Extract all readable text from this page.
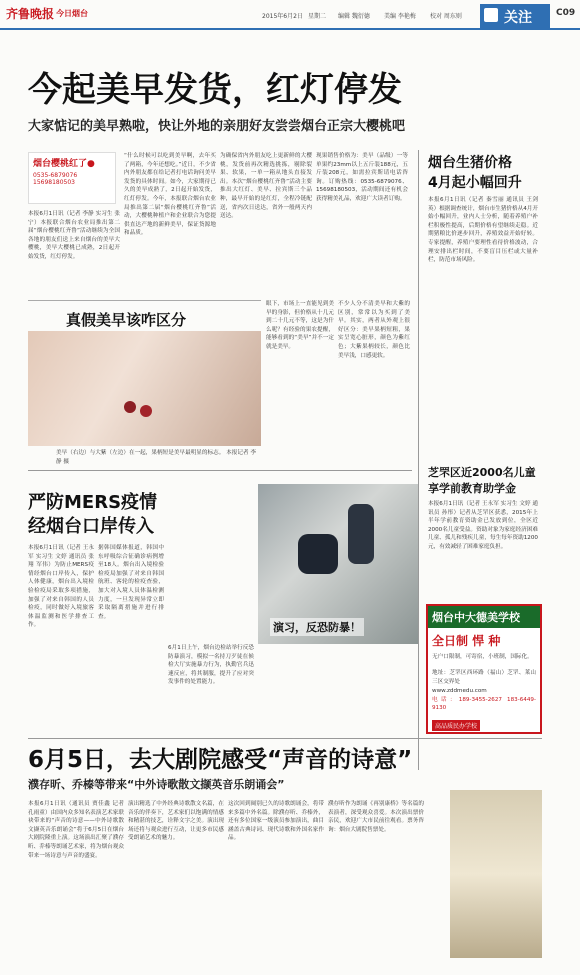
齐鲁晚报 今日烟台	2015年6月2日 星期二 编辑 魏衍德 美编 李艳梅 校对 周东则	关注	C09
今起美早发货，红灯停发
大家惦记的美早熟啦，快让外地的亲朋好友尝尝烟台正宗大樱桃吧
烟台樱桃红了●
0535-6879076
15698180503
本报6月1日讯（记者 李静 实习生 张宁）本报联合烟台农业局推出第二届“烟台樱桃红齐鲁”活动继续为全国各地的朋友们送上来自烟台的美早大樱桃，美早大樱桃已成熟，2日起开始发货，红灯停发。
“什么时候可以吃到美早啊，去年买了两箱，今年还想吃。”近日，不少省内外朋友都在给记者打电话询问美早发货的具体时间。如今，大家期待已久的美早成熟了，2日起开始发货，红灯停发。今年，本报联合烟台农业局推出第二届“烟台樱桃红齐鲁”活动，大樱桃种植户和企业联合为您提供直达产地的新鲜美早，保证货源地和品质。
为确保省内外朋友吃上更新鲜的大樱桃，发货前再次精选挑拣，剔除裂果、软果，一单一箱从地头直接发出。本次“烟台樱桃红齐鲁”活动主要推出大红灯、美早、拉宾斯三个品种，最早开始的是红灯，全程冷链配送，省内次日送达，省外一般两天内送达。
现果销售价格为：美早（品级）一等单果约23mm以上五斤装188元，五斤装208元，如需拉宾斯请电话咨询。订购热线：0535-6879076、15698180503，活动期间还有机会获得精美礼品，欢迎广大读者订购。
真假美早该咋区分
美早（右边）与大紫（左边）在一起，果柄短是美早最明显的标志。 本报记者 李静 摄
眼下，市场上一直能见到美早的身影，但价格从十几元到二十几元不等，这是为什么呢？有经验的果农提醒，能够看到的“美早”并不一定就是美早。
不少人分不清美早和大紫的区别，常常以为买到了美早。其实，两者从外观上很好区分：美早果柄短粗，果实呈宽心脏形，颜色为紫红色；大紫果柄较长，颜色比美早浅，口感更软。
烟台生猪价格
4月起小幅回升
本报6月1日讯（记者 秦雪丽 通讯员 王剑英）根据调查统计，烟台市生猪价格从4月开始小幅回升，业内人士分析，随着养殖户补栏积极性提高，后期价格有望继续走稳。近期猪粮比价逐步回升，养殖效益开始好转。专家提醒，养殖户要理性看待价格波动，合理安排出栏时间，不要盲目压栏或大量补栏，防范市场风险。
芝罘区近2000名儿童
享学前教育助学金
本报6月1日讯（记者 王永军 实习生 文婷 通讯员 孙彤）记者从芝罘区获悉，2015年上半年学前教育资助金已发放到位，全区近2000名儿童受益。资助对象为家庭经济困难儿童、孤儿和残疾儿童，每生每年资助1200元，有效减轻了困难家庭负担。
烟台中大德美学校
全日制 悍 种
无户口限制，可寄宿，小班制，国际化。
地址：芝罘区西环路（福山）芝罘、莱山三区交界处
www.zddmedu.com
电话：189-3455-2627 183-6449-9130
高品质民办学校
严防MERS疫情
经烟台口岸传入
演习，反恐防暴！
本报6月1日讯（记者 王永军 实习生 文婷 通讯员 张翔 军伟）为防止MERS疫情经烟台口岸传入，保护人体健康，烟台出入境检验检疫局采取多项措施，加强了对来自韩国的人员检疫，同时做好入境旅客体温监测和医学排查工作。
据韩国媒体报道，韩国中东呼吸综合征确诊病例增至18人。烟台出入境检验检疫局加强了对来自韩国航班、客轮的检疫查验，加大对入境人员体温检测力度，一旦发现异常立即采取隔离措施并进行排查。
6月1日上午，烟台边检站举行反恐防暴演习，模拟一名持刀歹徒在候检大厅实施暴力行为，执勤官兵迅速反应，将其制服，提升了应对突发事件的处置能力。
6月5日，去大剧院感受“声音的诗意”
濮存昕、乔榛等带来“中外诗歌散文撷英音乐朗诵会”
本报6月1日讯（通讯员 贾佳鑫 记者 孔雨童）由国内众多知名表演艺术家联袂带来的“声音的诗意——中外诗歌散文撷英音乐朗诵会”将于6月5日在烟台大剧院隆重上演。这场演出汇聚了濮存昕、乔榛等朗诵艺术家，将为烟台观众带来一场诗意与声音的盛宴。
演出精选了中外经典诗歌散文名篇，在音乐的伴奏下，艺术家们以饱满的情感和精湛的技艺，诠释文字之美。演出现场还将与观众进行互动，让更多市民感受朗诵艺术的魅力。
这次回到阔别已久的诗歌朗诵会，将带来多篇中外名篇。除濮存昕、乔榛外，还有多位国家一级演员参加演出，曲目涵盖古典诗词、现代诗歌和外国名家作品。
濮存昕作为朗诵《再别康桥》等名篇的表演者，深受观众喜爱。本次演出票价亲民，欢迎广大市民前往观看。票务咨询：烟台大剧院售票处。
